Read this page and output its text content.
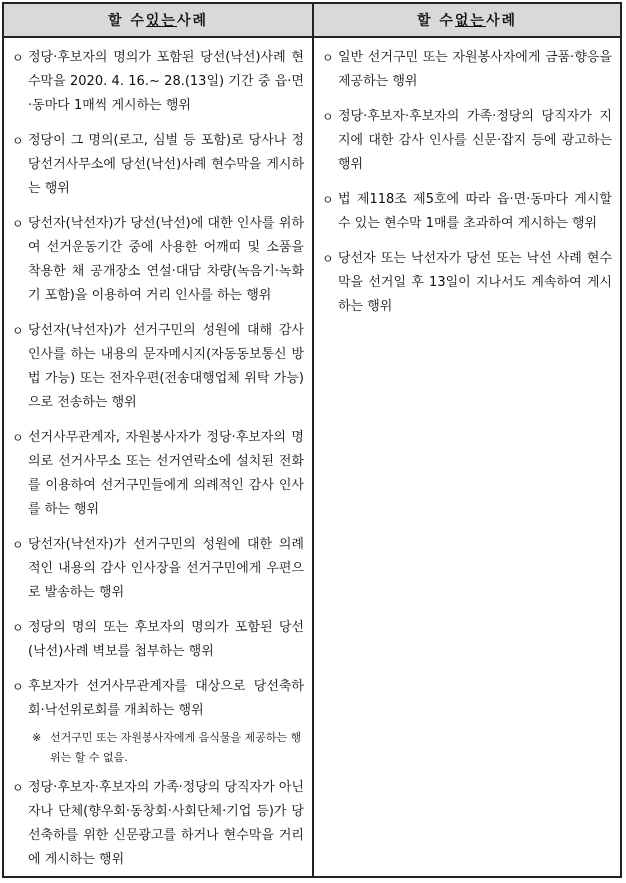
할 수 있는 사례	할 수 없는 사례
ㅇ 정당·후보자의 명의가 포함된 당선(낙선)사례 현수막을 2020. 4. 16.~ 28.(13일) 기간 중 읍·면·동마다 1매씩 게시하는 행위
ㅇ 정당이 그 명의(로고, 심벌 등 포함)로 당사나 정당선거사무소에 당선(낙선)사례 현수막을 게시하는 행위
ㅇ 당선자(낙선자)가 당선(낙선)에 대한 인사를 위하여 선거운동기간 중에 사용한 어깨띠 및 소품을 착용한 채 공개장소 연설·대담 차량(녹음기·녹화기 포함)을 이용하여 거리 인사를 하는 행위
ㅇ 당선자(낙선자)가 선거구민의 성원에 대해 감사 인사를 하는 내용의 문자메시지(자동동보통신 방법 가능) 또는 전자우편(전송대행업체 위탁 가능)으로 전송하는 행위
ㅇ 선거사무관계자, 자원봉사자가 정당·후보자의 명의로 선거사무소 또는 선거연락소에 설치된 전화를 이용하여 선거구민들에게 의례적인 감사 인사를 하는 행위
ㅇ 당선자(낙선자)가 선거구민의 성원에 대한 의례적인 내용의 감사 인사장을 선거구민에게 우편으로 발송하는 행위
ㅇ 정당의 명의 또는 후보자의 명의가 포함된 당선(낙선)사례 벽보를 첩부하는 행위
ㅇ 후보자가 선거사무관계자를 대상으로 당선축하회·낙선위로회를 개최하는 행위
※ 선거구민 또는 자원봉사자에게 음식물을 제공하는 행위는 할 수 없음.
ㅇ 정당·후보자·후보자의 가족·정당의 당직자가 아닌 자나 단체(향우회·동창회·사회단체·기업 등)가 당선축하를 위한 신문광고를 하거나 현수막을 거리에 게시하는 행위
ㅇ 일반 선거구민 또는 자원봉사자에게 금품·향응을 제공하는 행위
ㅇ 정당·후보자·후보자의 가족·정당의 당직자가 지지에 대한 감사 인사를 신문·잡지 등에 광고하는 행위
ㅇ 법 제118조 제5호에 따라 읍·면·동마다 게시할 수 있는 현수막 1매를 초과하여 게시하는 행위
ㅇ 당선자 또는 낙선자가 당선 또는 낙선 사례 현수막을 선거일 후 13일이 지나서도 계속하여 게시하는 행위
